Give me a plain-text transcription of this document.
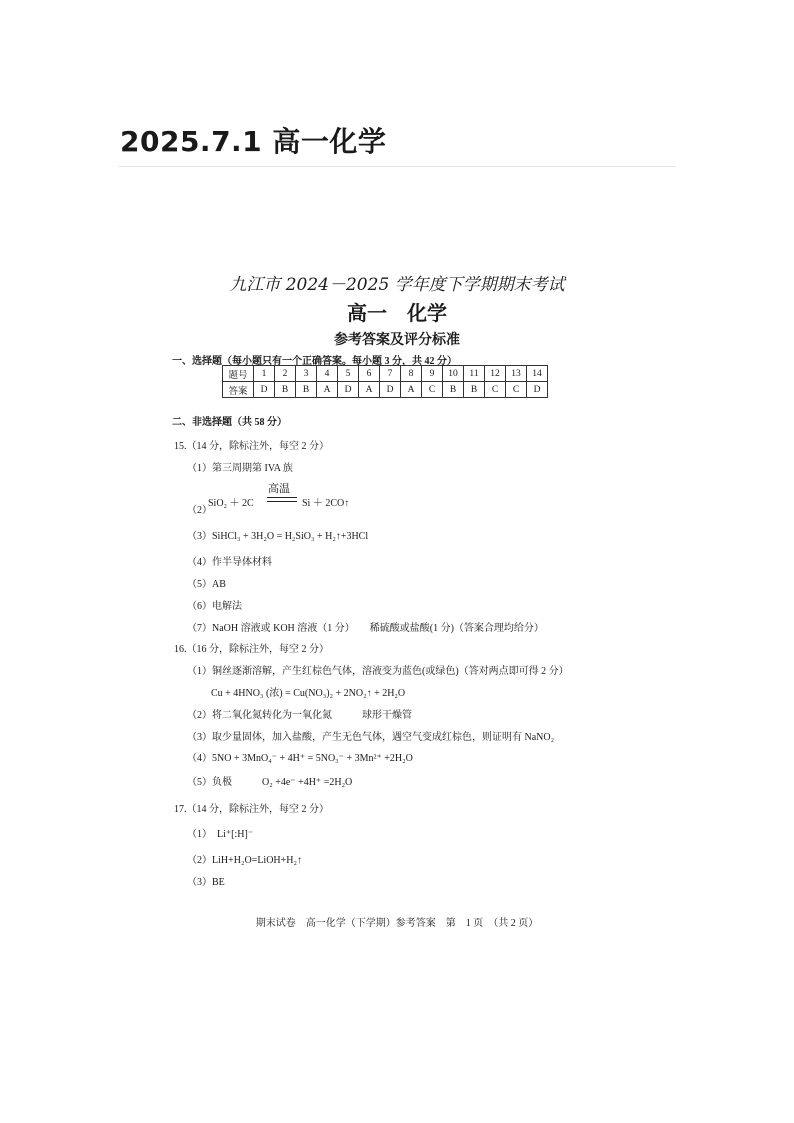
2025.7.1 高一化学
九江市 2024－2025 学年度下学期期末考试
高一　化学
参考答案及评分标准
一、选择题（每小题只有一个正确答案。每小题 3 分，共 42 分）
题号	1	2	3	4	5	6	7	8	9	10	11	12	13	14
答案	D	B	B	A	D	A	D	A	C	B	B	C	C	D
二、非选择题（共 58 分）
15.（14 分，除标注外，每空 2 分）
（1）第三周期第 IVA 族
（2）
SiO₂ ＋ 2C
高温
Si ＋ 2CO↑
（3）SiHCl₃ + 3H₂O = H₂SiO₃ + H₂↑+3HCl
（4）作半导体材料
（5）AB
（6）电解法
（7）NaOH 溶液或 KOH 溶液（1 分）　　稀硫酸或盐酸(1 分)（答案合理均给分）
16.（16 分，除标注外，每空 2 分）
（1）铜丝逐渐溶解，产生红棕色气体，溶液变为蓝色(或绿色)（答对两点即可得 2 分）
Cu + 4HNO₃ (浓) = Cu(NO₃)₂ + 2NO₂↑ + 2H₂O
（2）将二氧化氮转化为一氧化氮　　　球形干燥管
（3）取少量固体，加入盐酸，产生无色气体，遇空气变成红棕色，则证明有 NaNO₂
（4）5NO + 3MnO₄⁻ + 4H⁺ = 5NO₃⁻ + 3Mn²⁺ +2H₂O
（5）负极　　　O₂ +4e⁻ +4H⁺ =2H₂O
17.（14 分，除标注外，每空 2 分）
（1）　Li⁺[:H]⁻
（2）LiH+H₂O=LiOH+H₂↑
（3）BE
期末试卷　高一化学（下学期）参考答案　第　1 页　（共 2 页）
